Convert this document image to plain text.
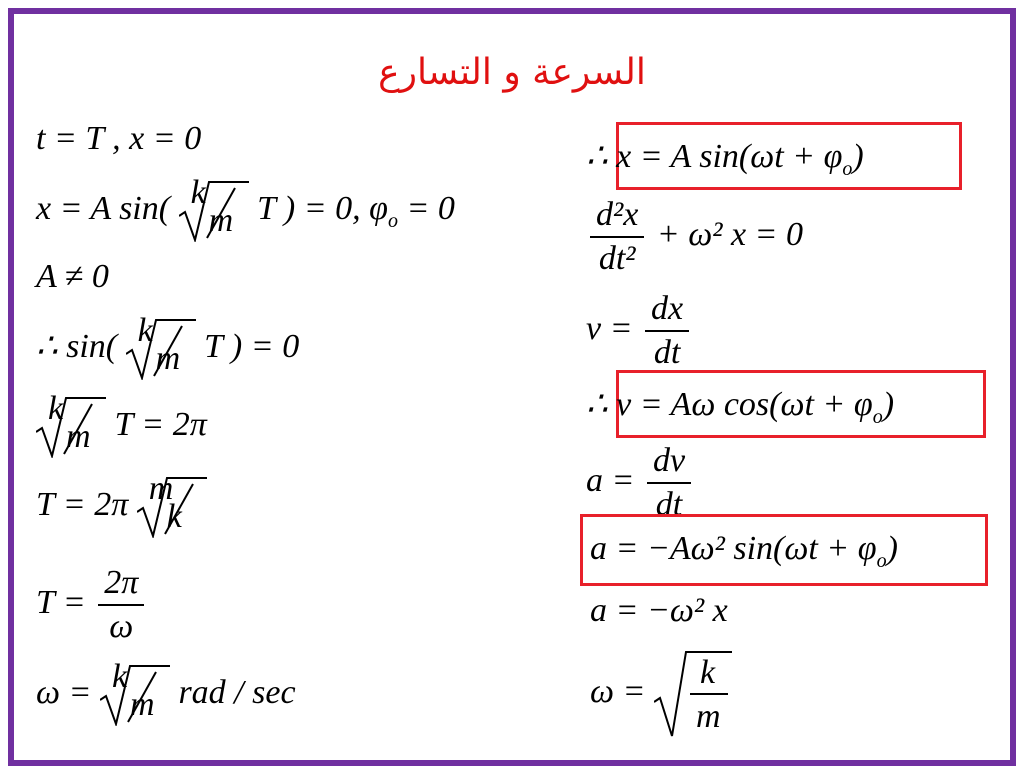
السرعة و التسارع
t = T , x = 0
x = A sin( k
m T ) = 0, $\varphi_o = 0$
A ≠ 0
∴ sin( k
m T ) = 0
k
m T = 2π
T = 2π m
k
$T = \frac{2\pi}{\omega}$
ω = k
m rad / sec
∴ x = A $\sin(\omega t + \varphi_o)$
$\frac{\text{d²x}}{\text{dt²}} + \omega^2$ x = 0
$v = \frac{dx}{dt}$
∴ v = Aω $\cos(\omega t + \varphi_o)$
$a = \frac{dv}{dt}$
a = −Aω² $\sin(\omega t + \varphi_o)$
a = −ω² x
ω =
k
m
